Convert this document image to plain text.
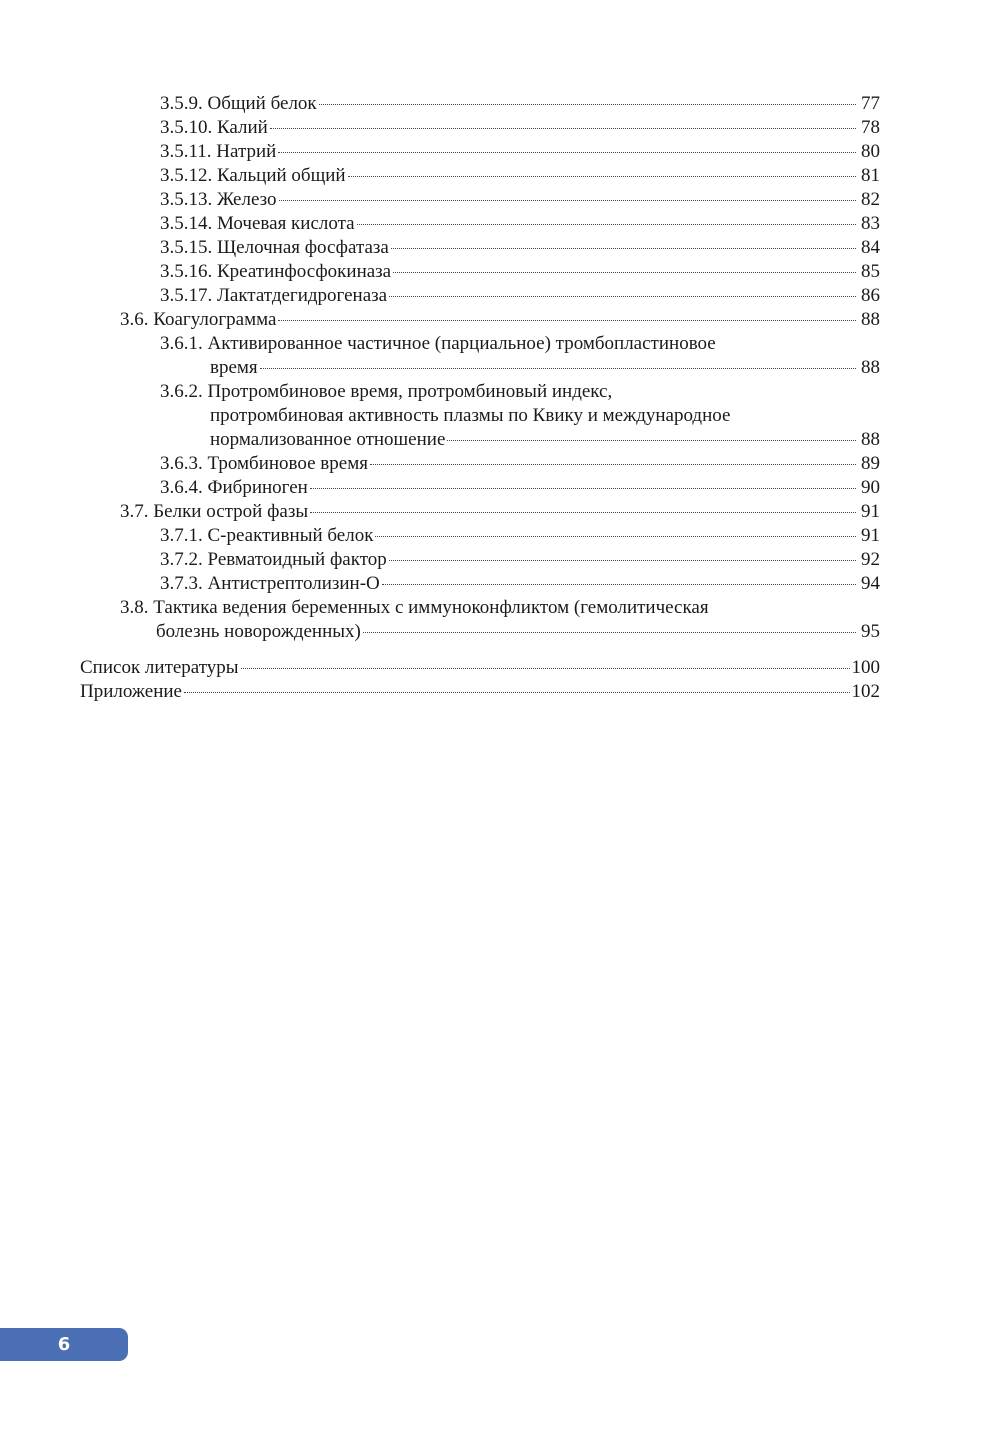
3.5.9. Общий белок	77
3.5.10. Калий	78
3.5.11. Натрий	80
3.5.12. Кальций общий	81
3.5.13. Железо	82
3.5.14. Мочевая кислота	83
3.5.15. Щелочная фосфатаза	84
3.5.16. Креатинфосфокиназа	85
3.5.17. Лактатдегидрогеназа	86
3.6. Коагулограмма	88
3.6.1. Активированное частичное (парциальное) тромбопластиновое
время	88
3.6.2. Протромбиновое время, протромбиновый индекс,
протромбиновая активность плазмы по Квику и международное
нормализованное отношение	88
3.6.3. Тромбиновое время	89
3.6.4. Фибриноген	90
3.7. Белки острой фазы	91
3.7.1. С-реактивный белок	91
3.7.2. Ревматоидный фактор	92
3.7.3. Антистрептолизин-О	94
3.8. Тактика ведения беременных с иммуноконфликтом (гемолитическая
болезнь новорожденных)	95
Список литературы	100
Приложение	102
6
